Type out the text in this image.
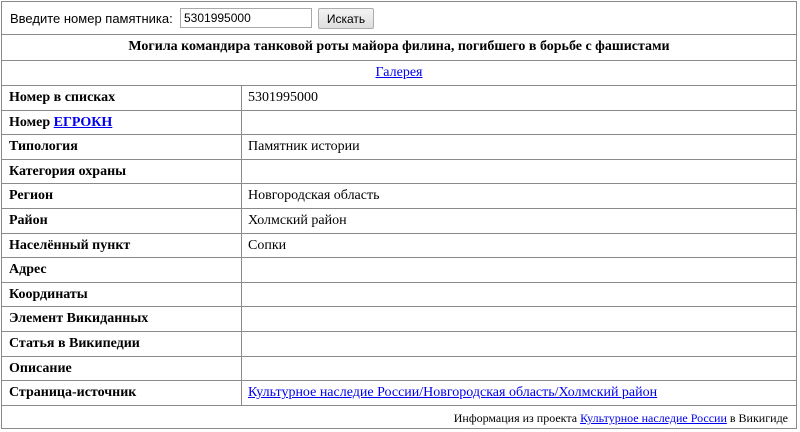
Введите номер памятника:
5301995000	Искать
Могила командира танковой роты майора филина, погибшего в борьбе с фашистами
Галерея
Номер в списках	5301995000
Номер ЕГРОКН
Типология	Памятник истории
Категория охраны
Регион	Новгородская область
Район	Холмский район
Населённый пункт	Сопки
Адрес
Координаты
Элемент Викиданных
Статья в Википедии
Описание
Страница-источник	Культурное наследие России/Новгородская область/Холмский район
Информация из проекта Культурное наследие России в Викигиде
